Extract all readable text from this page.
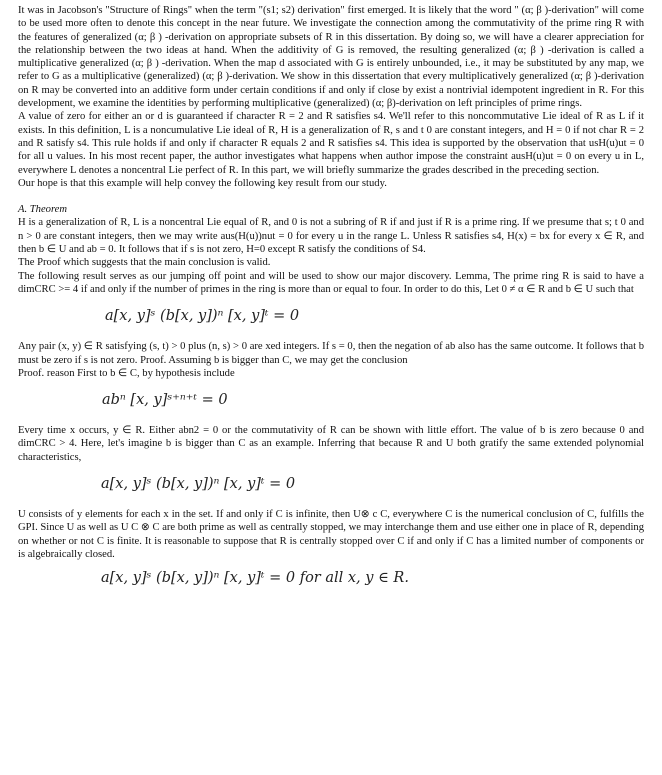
It was in Jacobson's "Structure of Rings" when the term "(s1; s2) derivation" first emerged. It is likely that the word " (α; β )-derivation" will come to be used more often to denote this concept in the near future. We investigate the connection among the commutativity of the prime ring R with the features of generalized (α; β ) -derivation on appropriate subsets of R in this dissertation. By doing so, we will have a clearer appreciation for the relationship between the two ideas at hand. When the additivity of G is removed, the resulting generalized (α; β ) -derivation is called a multiplicative generalized (α; β ) -derivation. When the map d associated with G is entirely unbounded, i.e., it may be substituted by any map, we refer to G as a multiplicative (generalized) (α; β )-derivation. We show in this dissertation that every multiplicatively generalized (α; β )-derivation on R may be converted into an additive form under certain conditions if and only if close by exist a nontrivial idempotent ingredient in R. For this development, we examine the identities by performing multiplicative (generalized) (α; β)-derivation on left principles of prime rings.

A value of zero for either an or d is guaranteed if character R = 2 and R satisfies s4. We'll refer to this noncommutative Lie ideal of R as L if it exists. In this definition, L is a noncumulative Lie ideal of R, H is a generalization of R, s and t 0 are constant integers, and H = 0 if not char R = 2 and R satisfy s4. This rule holds if and only if character R equals 2 and R satisfies s4. This idea is supported by the observation that usH(u)ut = 0 for all u values. In his most recent paper, the author investigates what happens when author impose the constraint ausH(u)ut = 0 on every u in L, everywhere L denotes a noncentral Lie perfect of R. In this part, we will briefly summarize the grades described in the preceding section.

Our hope is that this example will help convey the following key result from our study.

A. Theorem

H is a generalization of R, L is a noncentral Lie equal of R, and 0 is not a subring of R if and just if R is a prime ring. If we presume that s; t 0 and n > 0 are constant integers, then we may write aus(H(u))nut = 0 for every u in the range L. Unless R satisfies s4, H(x) = bx for every x ∈ R, and then b ∈ U and ab = 0. It follows that if s is not zero, H=0 except R satisfy the conditions of S4.

The Proof which suggests that the main conclusion is valid.

The following result serves as our jumping off point and will be used to show our major discovery. Lemma, The prime ring R is said to have a dimCRC >= 4 if and only if the number of primes in the ring is more than or equal to four. In order to do this, Let 0 ≠ α ∈ R and b ∈ U such that

a[x, y]ˢ (b[x, y])ⁿ [x, y]ᵗ = 0

Any pair (x, y) ∈ R satisfying (s, t) > 0 plus (n, s) > 0 are xed integers. If s = 0, then the negation of ab also has the same outcome. It follows that b must be zero if s is not zero. Proof. Assuming b is bigger than C, we may get the conclusion

Proof. reason First to b ∈ C, by hypothesis include

abⁿ [x, y]ˢ⁺ⁿ⁺ᵗ = 0

Every time x occurs, y ∈ R. Either abn2 = 0 or the commutativity of R can be shown with little effort. The value of b is zero because 0 and dimCRC > 4. Here, let's imagine b is bigger than C as an example. Inferring that because R and U both gratify the same extended polynomial characteristics,

a[x, y]ˢ (b[x, y])ⁿ [x, y]ᵗ = 0

U consists of y elements for each x in the set. If and only if C is infinite, then U⊗ c C, everywhere C is the numerical conclusion of C, fulfills the GPI. Since U as well as U C ⊗ C are both prime as well as centrally stopped, we may interchange them and use either one in place of R, depending on whether or not C is finite. It is reasonable to suppose that R is centrally stopped over C if and only if C has a limited number of components or is algebraically closed.

a[x, y]ˢ (b[x, y])ⁿ [x, y]ᵗ = 0 for all x, y ∈ R.
